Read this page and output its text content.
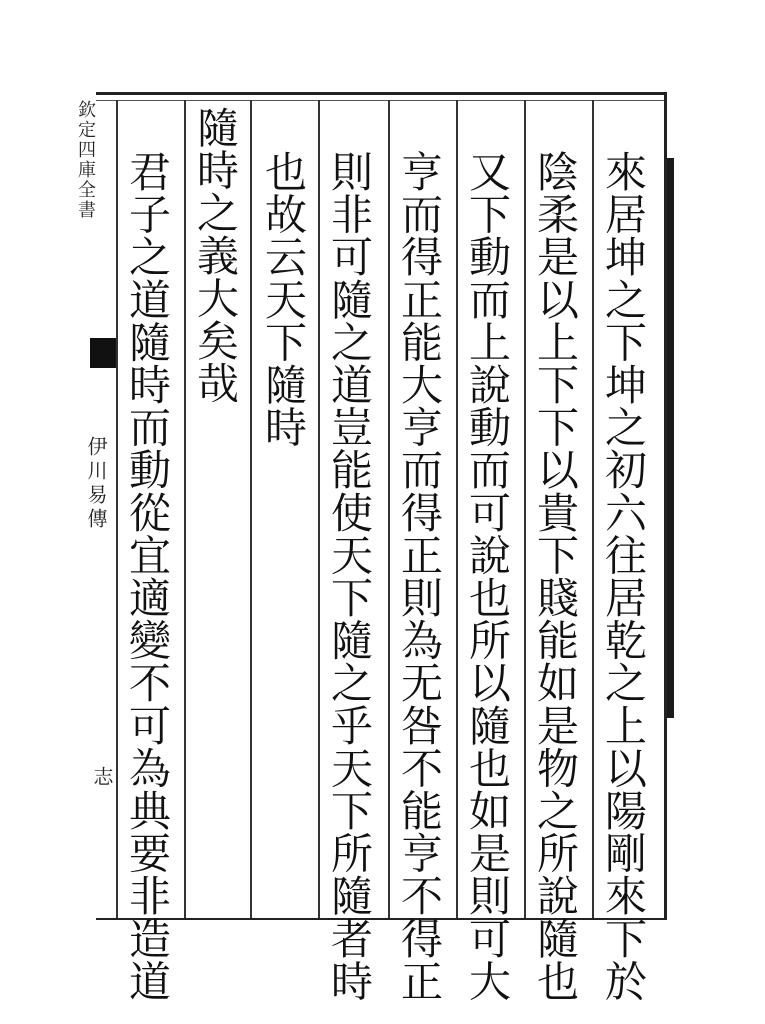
欽定四庫全書
伊川易傳
志	來居坤之下坤之初六往居乾之上以陽剛來下於
陰柔是以上下下以貴下賤能如是物之所說隨也
又下動而上說動而可說也所以隨也如是則可大
亨而得正能大亨而得正則為无咎不能亨不得正
則非可隨之道豈能使天下隨之乎天下所隨者時
也故云天下隨時
隨時之義大矣哉
君子之道隨時而動從宜適變不可為典要非造道
